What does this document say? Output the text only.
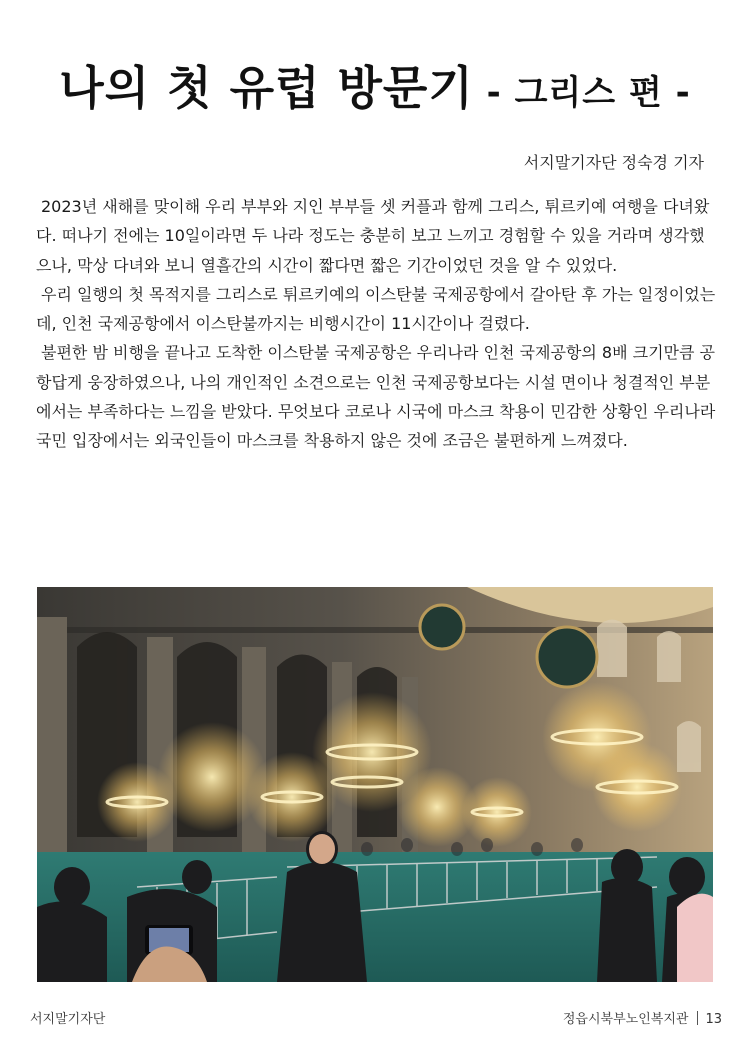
나의 첫 유럽 방문기 - 그리스 편 -
서지말기자단 정숙경 기자

2023년 새해를 맞이해 우리 부부와 지인 부부들 셋 커플과 함께 그리스, 튀르키예 여행을 다녀왔다. 떠나기 전에는 10일이라면 두 나라 정도는 충분히 보고 느끼고 경험할 수 있을 거라며 생각했으나, 막상 다녀와 보니 열흘간의 시간이 짧다면 짧은 기간이었던 것을 알 수 있었다.

우리 일행의 첫 목적지를 그리스로 튀르키예의 이스탄불 국제공항에서 갈아탄 후 가는 일정이었는데, 인천 국제공항에서 이스탄불까지는 비행시간이 11시간이나 걸렸다.

불편한 밤 비행을 끝나고 도착한 이스탄불 국제공항은 우리나라 인천 국제공항의 8배 크기만큼 공항답게 웅장하였으나, 나의 개인적인 소견으로는 인천 국제공항보다는 시설 면이나 청결적인 부분에서는 부족하다는 느낌을 받았다. 무엇보다 코로나 시국에 마스크 착용이 민감한 상황인 우리나라 국민 입장에서는 외국인들이 마스크를 착용하지 않은 것에 조금은 불편하게 느껴졌다.

서지말기자단	정읍시북부노인복지관 13
